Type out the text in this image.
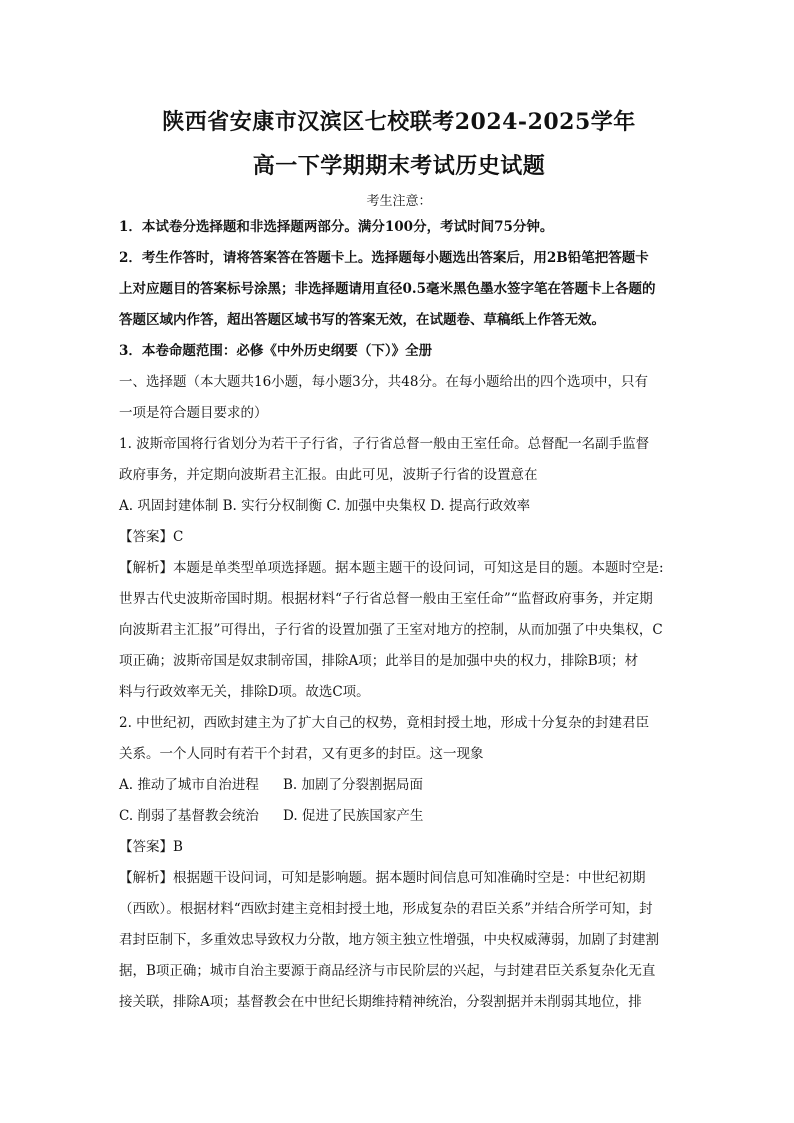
陕西省安康市汉滨区七校联考2024-2025学年
高一下学期期末考试历史试题
考生注意：
1．本试卷分选择题和非选择题两部分。满分100分，考试时间75分钟。
2．考生作答时，请将答案答在答题卡上。选择题每小题选出答案后，用2B铅笔把答题卡
上对应题目的答案标号涂黑；非选择题请用直径0.5毫米黑色墨水签字笔在答题卡上各题的
答题区域内作答，超出答题区域书写的答案无效，在试题卷、草稿纸上作答无效。
3．本卷命题范围：必修《中外历史纲要（下）》全册
一、选择题（本大题共16小题，每小题3分，共48分。在每小题给出的四个选项中，只有
一项是符合题目要求的）
1. 波斯帝国将行省划分为若干子行省，子行省总督一般由王室任命。总督配一名副手监督
政府事务，并定期向波斯君主汇报。由此可见，波斯子行省的设置意在
A. 巩固封建体制 B. 实行分权制衡 C. 加强中央集权 D. 提高行政效率
【答案】C
【解析】本题是单类型单项选择题。据本题主题干的设问词，可知这是目的题。本题时空是:
世界古代史波斯帝国时期。根据材料“子行省总督一般由王室任命”“监督政府事务，并定期
向波斯君主汇报”可得出，子行省的设置加强了王室对地方的控制，从而加强了中央集权，C
项正确；波斯帝国是奴隶制帝国，排除A项；此举目的是加强中央的权力，排除B项；材
料与行政效率无关，排除D项。故选C项。
2. 中世纪初，西欧封建主为了扩大自己的权势，竟相封授土地，形成十分复杂的封建君臣
关系。一个人同时有若干个封君，又有更多的封臣。这一现象
A. 推动了城市自治进程 B. 加剧了分裂割据局面
C. 削弱了基督教会统治 D. 促进了民族国家产生
【答案】B
【解析】根据题干设问词，可知是影响题。据本题时间信息可知准确时空是：中世纪初期
（西欧）。根据材料“西欧封建主竞相封授土地，形成复杂的君臣关系”并结合所学可知，封
君封臣制下，多重效忠导致权力分散，地方领主独立性增强，中央权威薄弱，加剧了封建割
据，B项正确；城市自治主要源于商品经济与市民阶层的兴起，与封建君臣关系复杂化无直
接关联，排除A项；基督教会在中世纪长期维持精神统治，分裂割据并未削弱其地位，排
